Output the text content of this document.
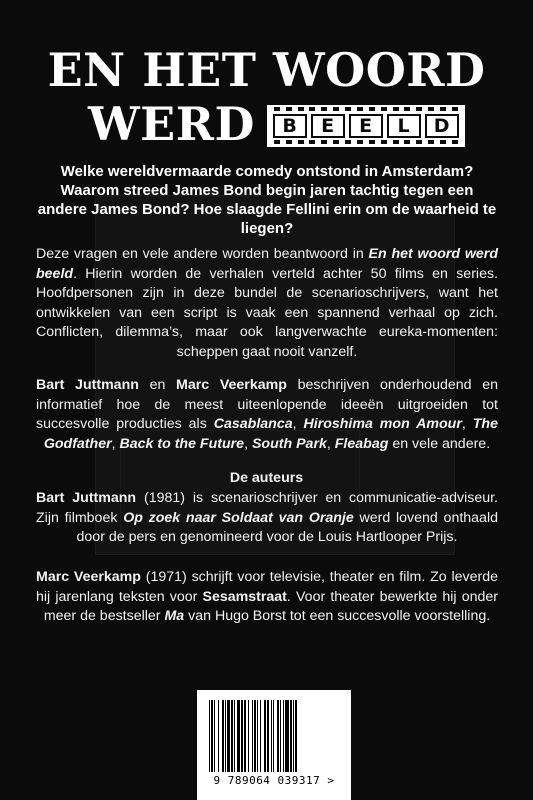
EN HET WOORD
WERD	B	E	E	L	D
Welke wereldvermaarde comedy ontstond in Amsterdam? Waarom streed James Bond begin jaren tachtig tegen een andere James Bond? Hoe slaagde Fellini erin om de waarheid te liegen?
Deze vragen en vele andere worden beantwoord in En het woord werd beeld. Hierin worden de verhalen verteld achter 50 films en series. Hoofdpersonen zijn in deze bundel de scenarioschrijvers, want het ontwikkelen van een script is vaak een spannend verhaal op zich. Conflicten, dilemma’s, maar ook langverwachte eureka-momenten: scheppen gaat nooit vanzelf.
Bart Juttmann en Marc Veerkamp beschrijven onderhoudend en informatief hoe de meest uiteenlopende ideeën uitgroeiden tot succesvolle producties als Casablanca, Hiroshima mon Amour, The Godfather, Back to the Future, South Park, Fleabag en vele andere.
De auteurs
Bart Juttmann (1981) is scenarioschrijver en communicatie-adviseur. Zijn filmboek Op zoek naar Soldaat van Oranje werd lovend onthaald door de pers en genomineerd voor de Louis Hartlooper Prijs.
Marc Veerkamp (1971) schrijft voor televisie, theater en film. Zo leverde hij jarenlang teksten voor Sesamstraat. Voor theater bewerkte hij onder meer de bestseller Ma van Hugo Borst tot een succesvolle voorstelling.
9 789064 039317 >
